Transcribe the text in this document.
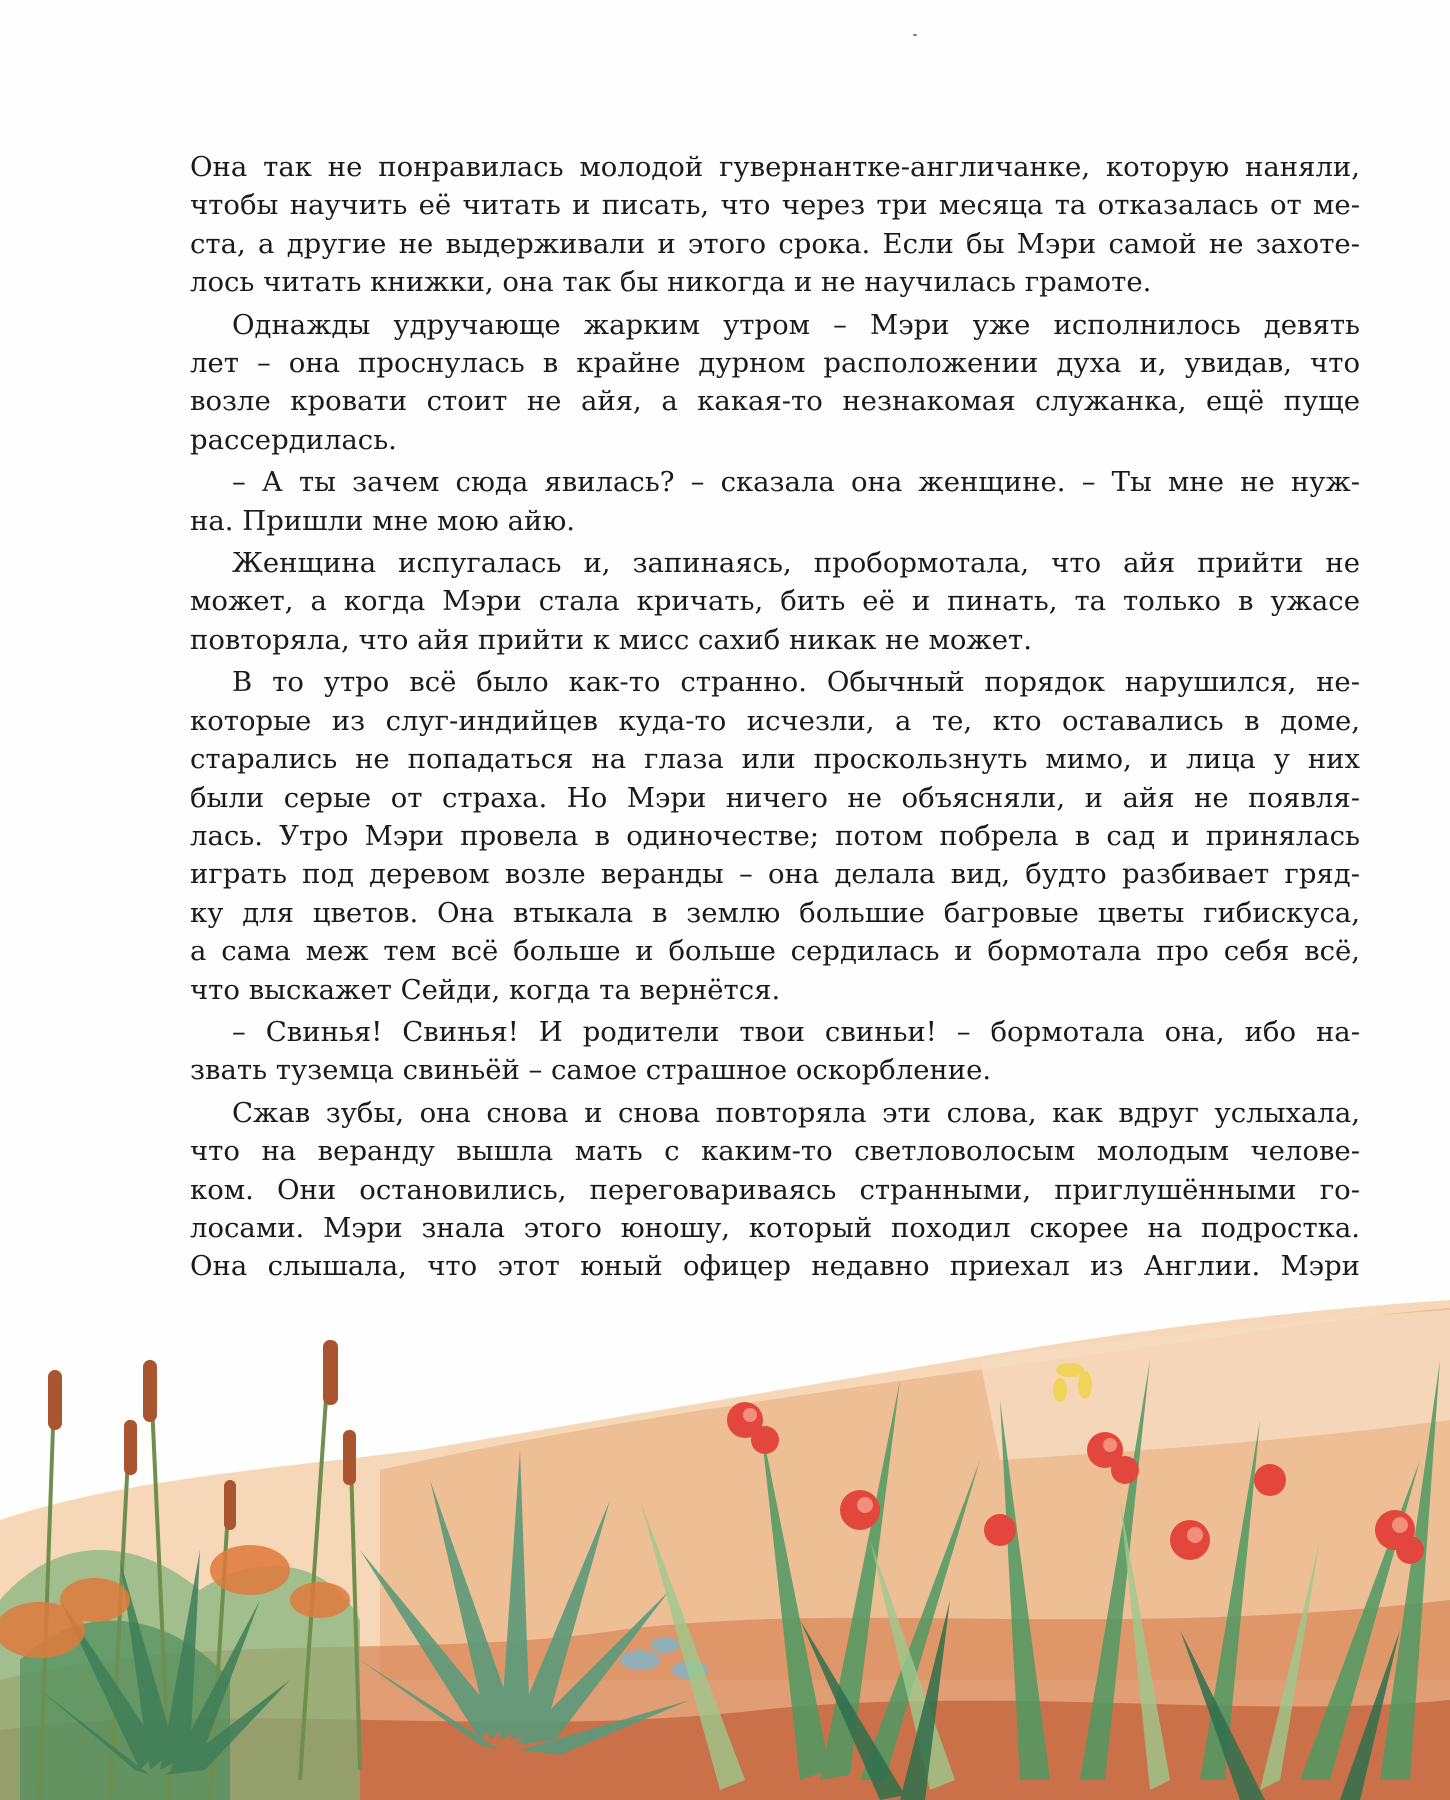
Она так не понравилась молодой гувернантке-англичанке, которую наняли,
чтобы научить её читать и писать, что через три месяца та отказалась от ме-
ста, а другие не выдерживали и этого срока. Если бы Мэри самой не захоте-
лось читать книжки, она так бы никогда и не научилась грамоте.
Однажды удручающе жарким утром – Мэри уже исполнилось девять
лет – она проснулась в крайне дурном расположении духа и, увидав, что
возле кровати стоит не айя, а какая-то незнакомая служанка, ещё пуще
рассердилась.
– А ты зачем сюда явилась? – сказала она женщине. – Ты мне не нуж-
на. Пришли мне мою айю.
Женщина испугалась и, запинаясь, пробормотала, что айя прийти не
может, а когда Мэри стала кричать, бить её и пинать, та только в ужасе
повторяла, что айя прийти к мисс сахиб никак не может.
В то утро всё было как-то странно. Обычный порядок нарушился, не-
которые из слуг-индийцев куда-то исчезли, а те, кто оставались в доме,
старались не попадаться на глаза или проскользнуть мимо, и лица у них
были серые от страха. Но Мэри ничего не объясняли, и айя не появля-
лась. Утро Мэри провела в одиночестве; потом побрела в сад и принялась
играть под деревом возле веранды – она делала вид, будто разбивает гряд-
ку для цветов. Она втыкала в землю большие багровые цветы гибискуса,
а сама меж тем всё больше и больше сердилась и бормотала про себя всё,
что выскажет Сейди, когда та вернётся.
– Свинья! Свинья! И родители твои свиньи! – бормотала она, ибо на-
звать туземца свиньёй – самое страшное оскорбление.
Сжав зубы, она снова и снова повторяла эти слова, как вдруг услыхала,
что на веранду вышла мать с каким-то светловолосым молодым челове-
ком. Они остановились, переговариваясь странными, приглушёнными го-
лосами. Мэри знала этого юношу, который походил скорее на подростка.
Она слышала, что этот юный офицер недавно приехал из Англии. Мэри
